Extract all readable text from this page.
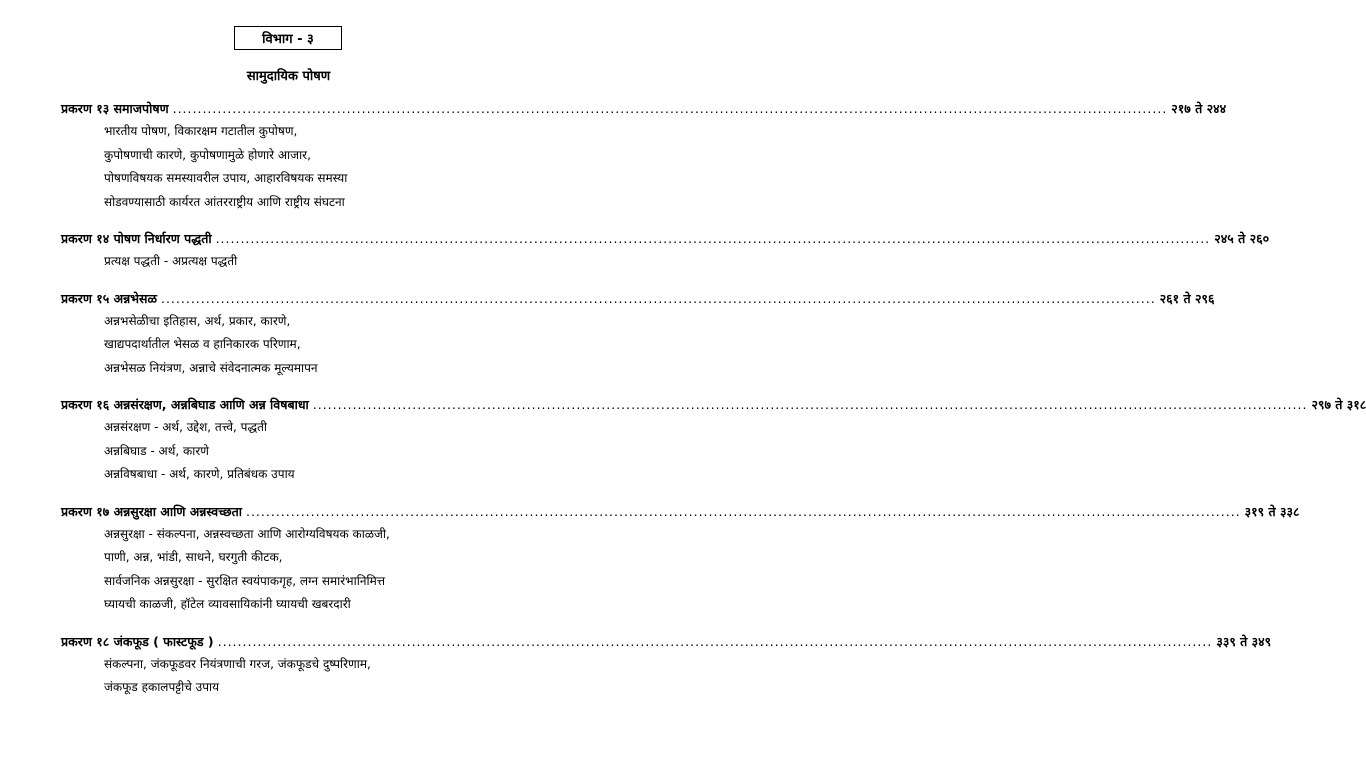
विभाग - ३
सामुदायिक पोषण
प्रकरण १३ समाजपोषण ........................................................................................................................................................................................................ २१७ ते २४४
भारतीय पोषण, विकारक्षम गटातील कुपोषण,
कुपोषणाची कारणे, कुपोषणामुळे होणारे आजार,
पोषणविषयक समस्यावरील उपाय, आहारविषयक समस्या
सोडवण्यासाठी कार्यरत आंतरराष्ट्रीय आणि राष्ट्रीय संघटना
प्रकरण १४ पोषण निर्धारण पद्धती ........................................................................................................................................................................................................ २४५ ते २६०
प्रत्यक्ष पद्धती - अप्रत्यक्ष पद्धती
प्रकरण १५ अन्नभेसळ ........................................................................................................................................................................................................ २६१ ते २९६
अन्नभसेळीचा इतिहास, अर्थ, प्रकार, कारणे,
खाद्यपदार्थातील भेसळ व हानिकारक परिणाम,
अन्नभेसळ नियंत्रण, अन्नाचे संवेदनात्मक मूल्यमापन
प्रकरण १६ अन्नसंरक्षण, अन्नबिघाड आणि अन्न विषबाधा ........................................................................................................................................................................................................ २९७ ते ३१८
अन्नसंरक्षण - अर्थ, उद्देश, तत्त्वे, पद्धती
अन्नबिघाड - अर्थ, कारणे
अन्नविषबाधा - अर्थ, कारणे, प्रतिबंधक उपाय
प्रकरण १७ अन्नसुरक्षा आणि अन्नस्वच्छता ........................................................................................................................................................................................................ ३१९ ते ३३८
अन्नसुरक्षा - संकल्पना, अन्नस्वच्छता आणि आरोग्यविषयक काळजी,
पाणी, अन्न, भांडी, साधने, घरगुती कीटक,
सार्वजनिक अन्नसुरक्षा - सुरक्षित स्वयंपाकगृह, लग्न समारंभानिमित्त
घ्यायची काळजी, हॉटेल व्यावसायिकांनी घ्यायची खबरदारी
प्रकरण १८ जंकफूड ( फास्टफूड ) ........................................................................................................................................................................................................ ३३९ ते ३४९
संकल्पना, जंकफूडवर नियंत्रणाची गरज, जंकफूडचे दुष्परिणाम,
जंकफूड हकालपट्टीचे उपाय
